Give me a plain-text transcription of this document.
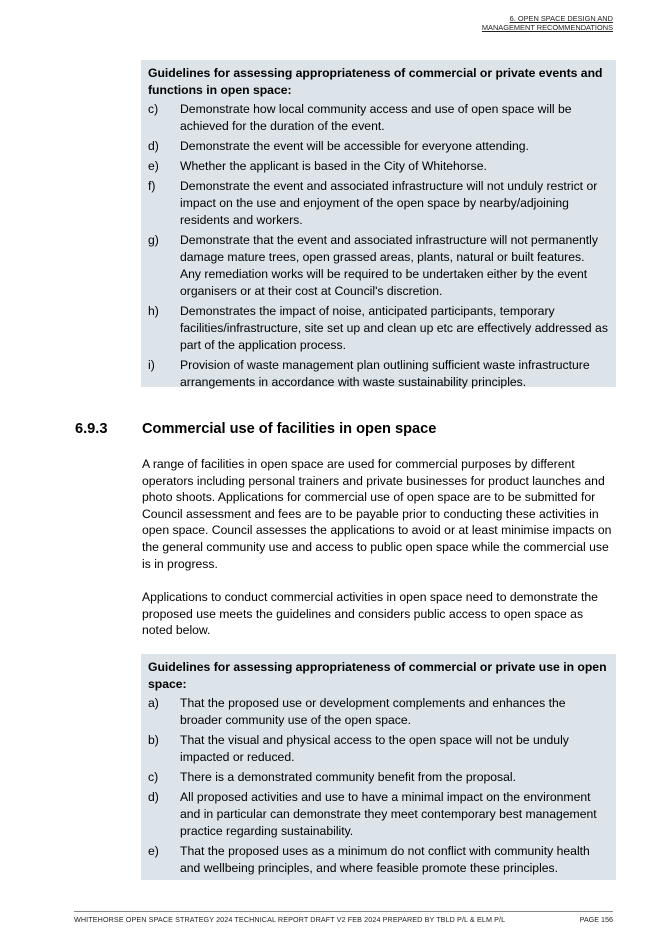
6. OPEN SPACE DESIGN AND
MANAGEMENT RECOMMENDATIONS
Guidelines for assessing appropriateness of commercial or private events and functions in open space:
c)	Demonstrate how local community access and use of open space will be achieved for the duration of the event.
d)	Demonstrate the event will be accessible for everyone attending.
e)	Whether the applicant is based in the City of Whitehorse.
f)	Demonstrate the event and associated infrastructure will not unduly restrict or impact on the use and enjoyment of the open space by nearby/adjoining residents and workers.
g)	Demonstrate that the event and associated infrastructure will not permanently damage mature trees, open grassed areas, plants, natural or built features. Any remediation works will be required to be undertaken either by the event organisers or at their cost at Council's discretion.
h)	Demonstrates the impact of noise, anticipated participants, temporary facilities/infrastructure, site set up and clean up etc are effectively addressed as part of the application process.
i)	Provision of waste management plan outlining sufficient waste infrastructure arrangements in accordance with waste sustainability principles.
6.9.3	Commercial use of facilities in open space

A range of facilities in open space are used for commercial purposes by different operators including personal trainers and private businesses for product launches and photo shoots. Applications for commercial use of open space are to be submitted for Council assessment and fees are to be payable prior to conducting these activities in open space. Council assesses the applications to avoid or at least minimise impacts on the general community use and access to public open space while the commercial use is in progress.

Applications to conduct commercial activities in open space need to demonstrate the proposed use meets the guidelines and considers public access to open space as noted below.

Guidelines for assessing appropriateness of commercial or private use in open space:
a)	That the proposed use or development complements and enhances the broader community use of the open space.
b)	That the visual and physical access to the open space will not be unduly impacted or reduced.
c)	There is a demonstrated community benefit from the proposal.
d)	All proposed activities and use to have a minimal impact on the environment and in particular can demonstrate they meet contemporary best management practice regarding sustainability.
e)	That the proposed uses as a minimum do not conflict with community health and wellbeing principles, and where feasible promote these principles.
WHITEHORSE OPEN SPACE STRATEGY 2024 TECHNICAL REPORT DRAFT V2 FEB 2024 PREPARED BY TBLD P/L & ELM P/L	PAGE 156
